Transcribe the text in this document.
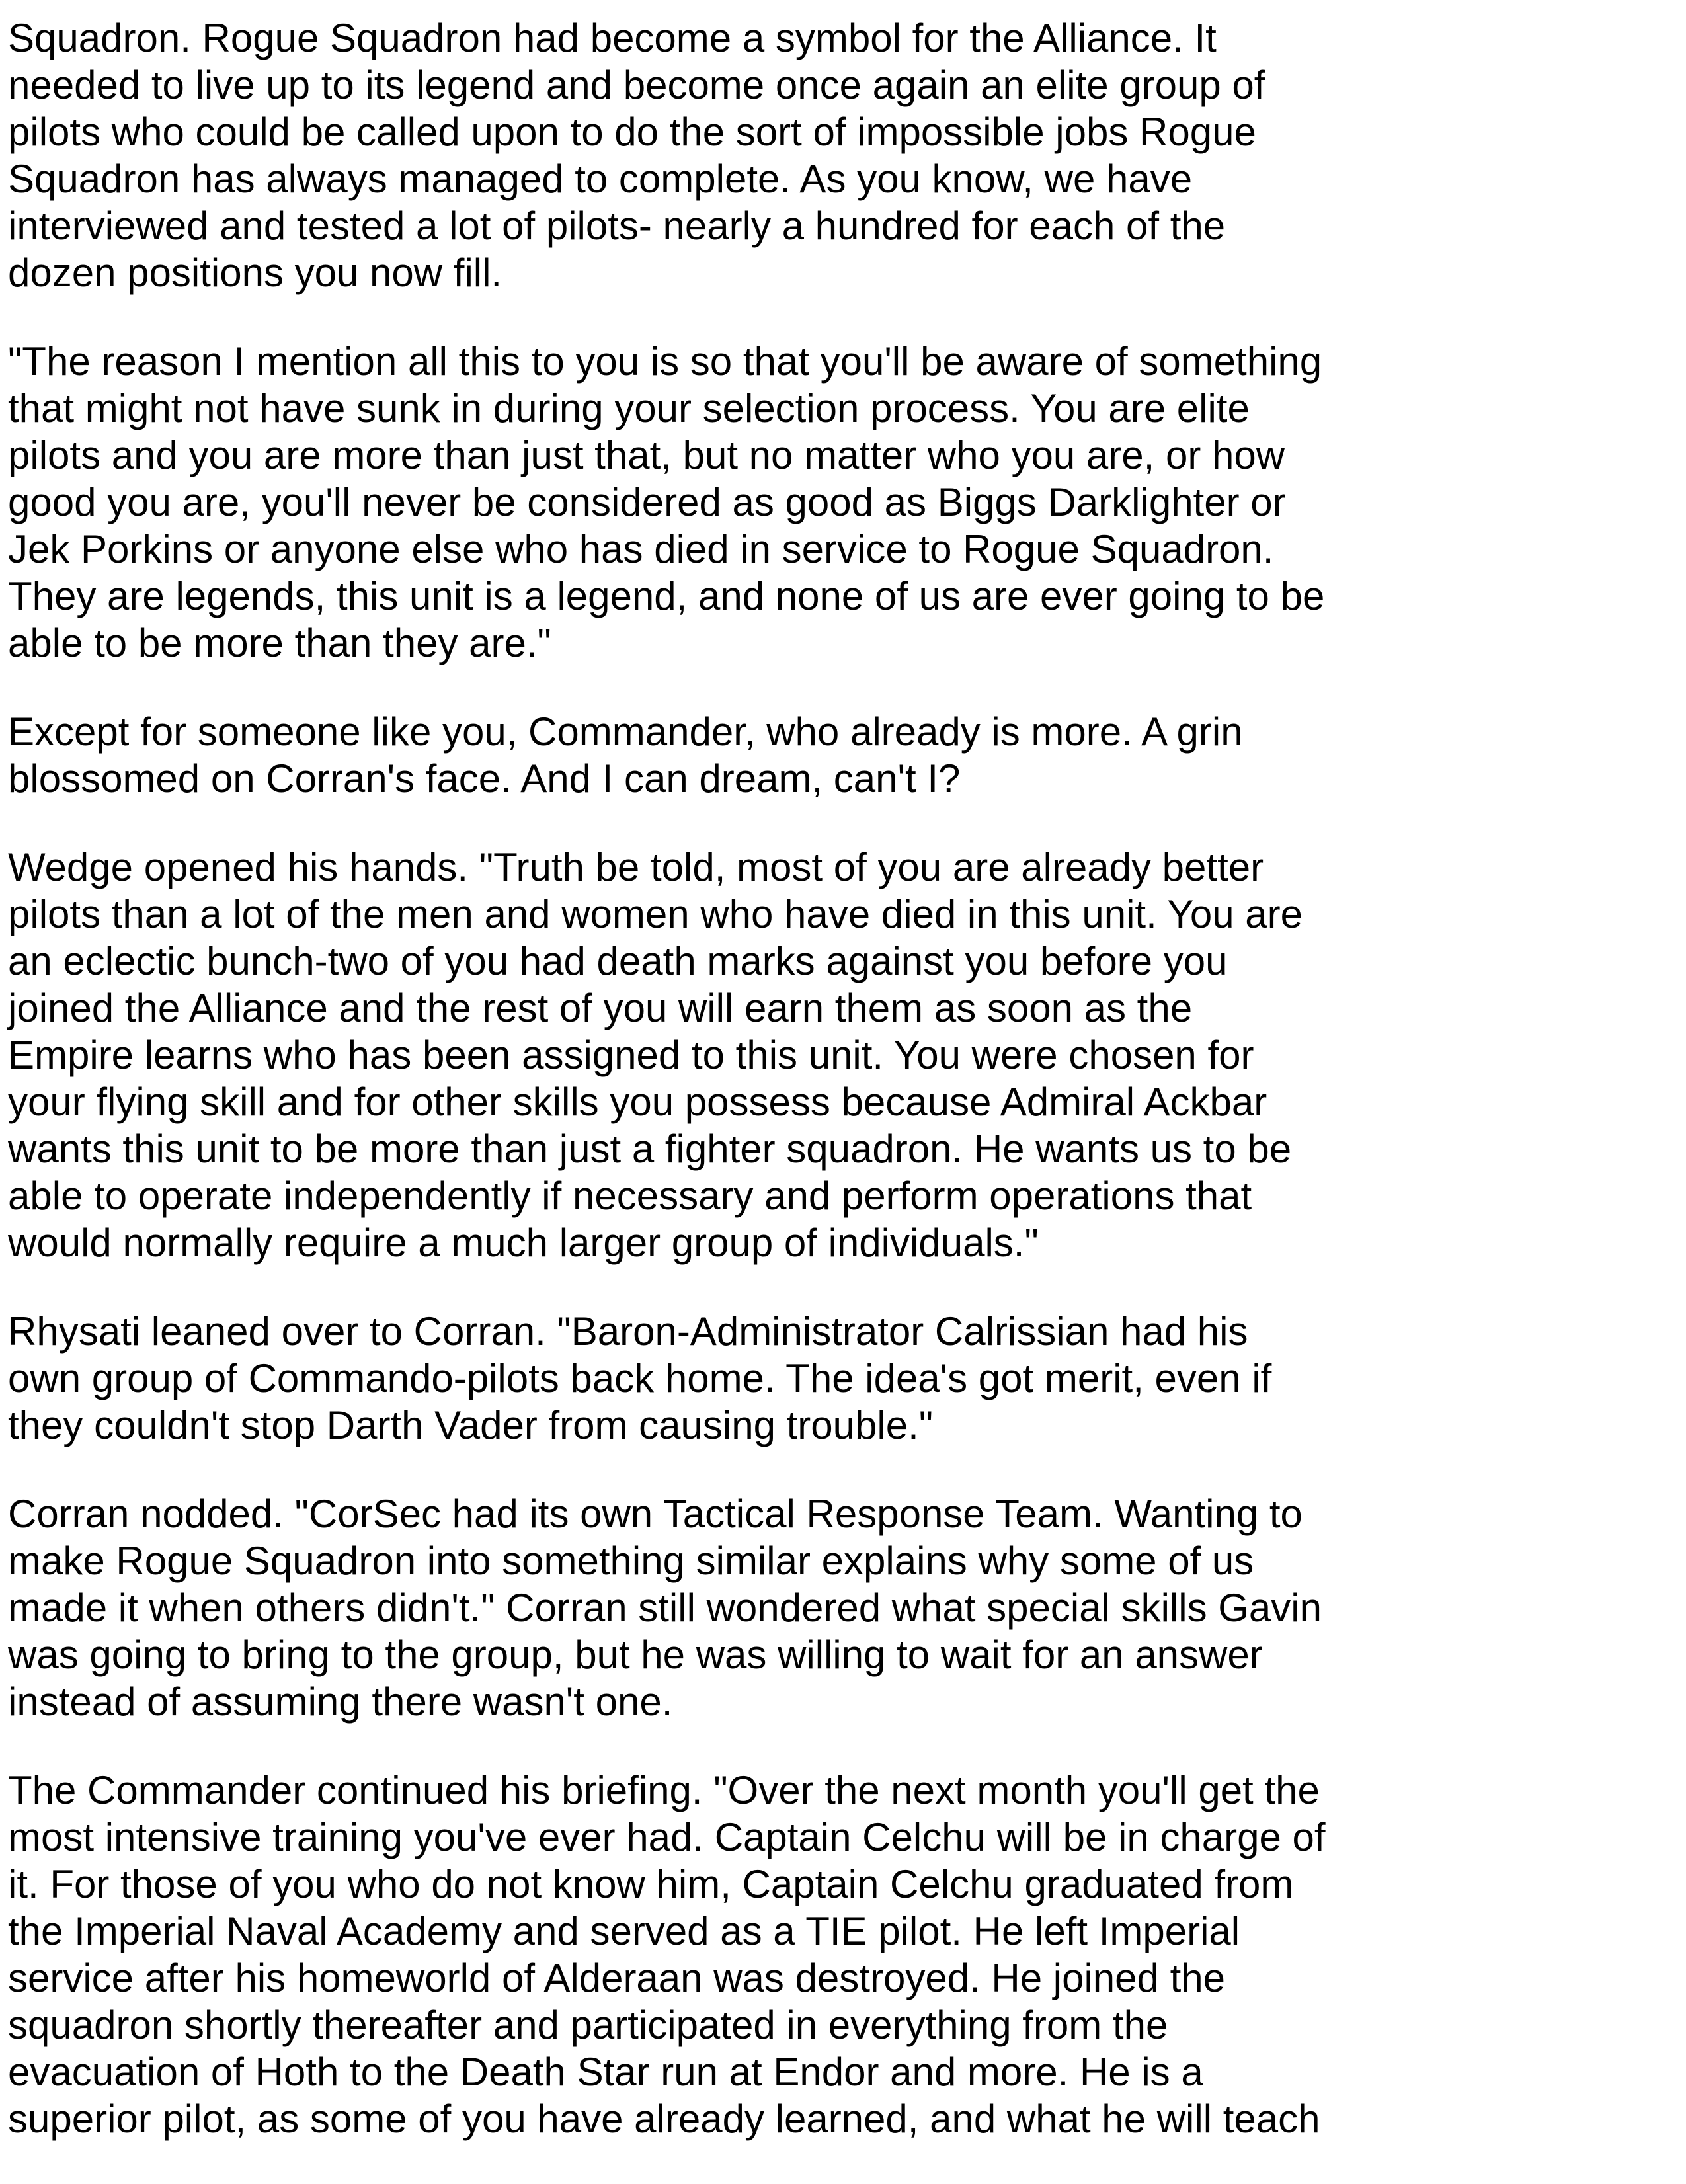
Squadron. Rogue Squadron had become a symbol for the Alliance. It
needed to live up to its legend and become once again an elite group of
pilots who could be called upon to do the sort of impossible jobs Rogue
Squadron has always managed to complete. As you know, we have
interviewed and tested a lot of pilots- nearly a hundred for each of the
dozen positions you now fill.

"The reason I mention all this to you is so that you'll be aware of something
that might not have sunk in during your selection process. You are elite
pilots and you are more than just that, but no matter who you are, or how
good you are, you'll never be considered as good as Biggs Darklighter or
Jek Porkins or anyone else who has died in service to Rogue Squadron.
They are legends, this unit is a legend, and none of us are ever going to be
able to be more than they are."

Except for someone like you, Commander, who already is more. A grin
blossomed on Corran's face. And I can dream, can't I?

Wedge opened his hands. "Truth be told, most of you are already better
pilots than a lot of the men and women who have died in this unit. You are
an eclectic bunch-two of you had death marks against you before you
joined the Alliance and the rest of you will earn them as soon as the
Empire learns who has been assigned to this unit. You were chosen for
your flying skill and for other skills you possess because Admiral Ackbar
wants this unit to be more than just a fighter squadron. He wants us to be
able to operate independently if necessary and perform operations that
would normally require a much larger group of individuals."

Rhysati leaned over to Corran. "Baron-Administrator Calrissian had his
own group of Commando-pilots back home. The idea's got merit, even if
they couldn't stop Darth Vader from causing trouble."

Corran nodded. "CorSec had its own Tactical Response Team. Wanting to
make Rogue Squadron into something similar explains why some of us
made it when others didn't." Corran still wondered what special skills Gavin
was going to bring to the group, but he was willing to wait for an answer
instead of assuming there wasn't one.

The Commander continued his briefing. "Over the next month you'll get the
most intensive training you've ever had. Captain Celchu will be in charge of
it. For those of you who do not know him, Captain Celchu graduated from
the Imperial Naval Academy and served as a TIE pilot. He left Imperial
service after his homeworld of Alderaan was destroyed. He joined the
squadron shortly thereafter and participated in everything from the
evacuation of Hoth to the Death Star run at Endor and more. He is a
superior pilot, as some of you have already learned, and what he will teach
